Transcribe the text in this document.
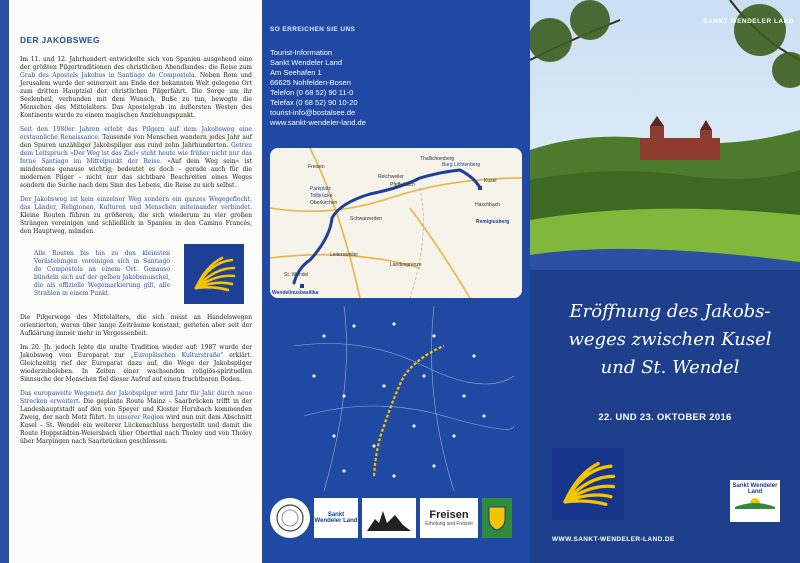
DER JAKOBSWEG

Im 11. und 12. Jahrhundert entwickelte sich von Spanien ausgehend eine der größten Pilgertraditionen des christlichen Abendlandes: die Reise zum Grab des Apostels Jakobus in Santiago de Compostela. Neben Rom und Jerusalem wurde der seinerzeit am Ende der bekannten Welt gelegene Ort zum dritten Hauptziel der christlichen Pilgerfahrt. Die Sorge um ihr Seelenheil, verbunden mit dem Wunsch, Buße zu tun, bewogte die Menschen des Mittelalters. Das Apostelgrab im äußersten Westen des Kontinents wurde zu einem magischen Anziehungspunkt.

Seit den 1980er Jahren erlebt das Pilgern auf dem Jakobsweg eine erstaunliche Renaissance. Tausende von Menschen wandern jedes Jahr auf den Spuren unzähliger Jakobspilger aus rund zehn Jahrhunderten. Getreu dem Leitspruch »Der Weg ist das Ziel« steht heute wie früher nicht nur das ferne Santiago im Mittelpunkt der Reise. »Auf dem Weg sein« ist mindestens genauso wichtig; bedeutet es doch – gerade auch für die modernen Pilger – nicht nur das sichtbare Beschreiten eines Weges sondern die Suche nach dem Sinn des Lebens, die Reise zu sich selbst.

Der Jakobsweg ist kein einzelner Weg sondern ein ganzes Wegegeflecht, das Länder, Religionen, Kulturen und Menschen miteinander verbindet. Kleine Routen führen zu größeren, die sich wiederum zu vier großen Strängen vereinigen und schließlich in Spanien in den Camino Francés, den Hauptweg, münden.

Alle Routen bis hin zu den kleinsten Verästelungen vereinigen sich in Santiago de Compostela an einem Ort. Genauso bündeln sich auf der gelben Jakobsmuschel, die als offizielle Wegemarkierung gilt, alle Strahlen in einem Punkt.

Die Pilgerwege des Mittelalters, die sich meist an Handelswegen orientierten, waren über lange Zeiträume konstant, gerieten aber seit der Aufklärung immer mehr in Vergessenheit.

Im 20. Jh. jedoch lebte die uralte Tradition wieder auf: 1987 wurde der Jakobsweg vom Europarat zur „Europäischen Kulturstraße" erklärt. Gleichzeitig rief der Europarat dazu auf, die Wege der Jakobspilger wiederzubeleben. In Zeiten einer wachsenden religiös-spirituellen Sinnsuche der Menschen fiel dieser Aufruf auf einen fruchtbaren Boden.

Das europaweite Wegenetz der Jakobspilger wird Jahr für Jahr durch neue Strecken erweitert. Die geplante Route Mainz – Saarbrücken trifft in der Landeshauptstadt auf den von Speyer und Kloster Hornbach kommenden Zweig, der nach Metz führt. In unserer Region wird nun mit dem Abschnitt Kusel – St. Wendel ein weiterer Lückenschluss hergestellt und damit die Route Hoppstädten-Weiersbach über Oberthal nach Tholey und von Tholey über Marpingen nach Saarbrücken geschlossen.

SO ERREICHEN SIE UNS
Tourist-Information
Sankt Wendeler Land
Am Seehafen 1
66625 Nohfelden-Bosen
Telefon (0 68 52) 90 11-0
Telefax (0 68 52) 90 10-20
tourist-info@bostalsee.de
www.sankt-wendeler-land.de
Thallichtenberg
Burg Lichtenberg
Kusel
Haschbach
Remigiusberg
Parkplatz
Tollbrücke
Oberkirchen
Schwarzerden
Reichweiler
Pfeffelbach
Freisen
Leitersweiler
Wendelinusbasilika
St. Wendel
Landesgrenze
Sankt Wendeler Land	Freisen
Erholung und Freizeit
SANKT WENDELER LAND
Eröffnung des Jakobs-
weges zwischen Kusel
und St. Wendel
22. UND 23. OKTOBER 2016
Sankt Wendeler Land
WWW.SANKT-WENDELER-LAND.DE
